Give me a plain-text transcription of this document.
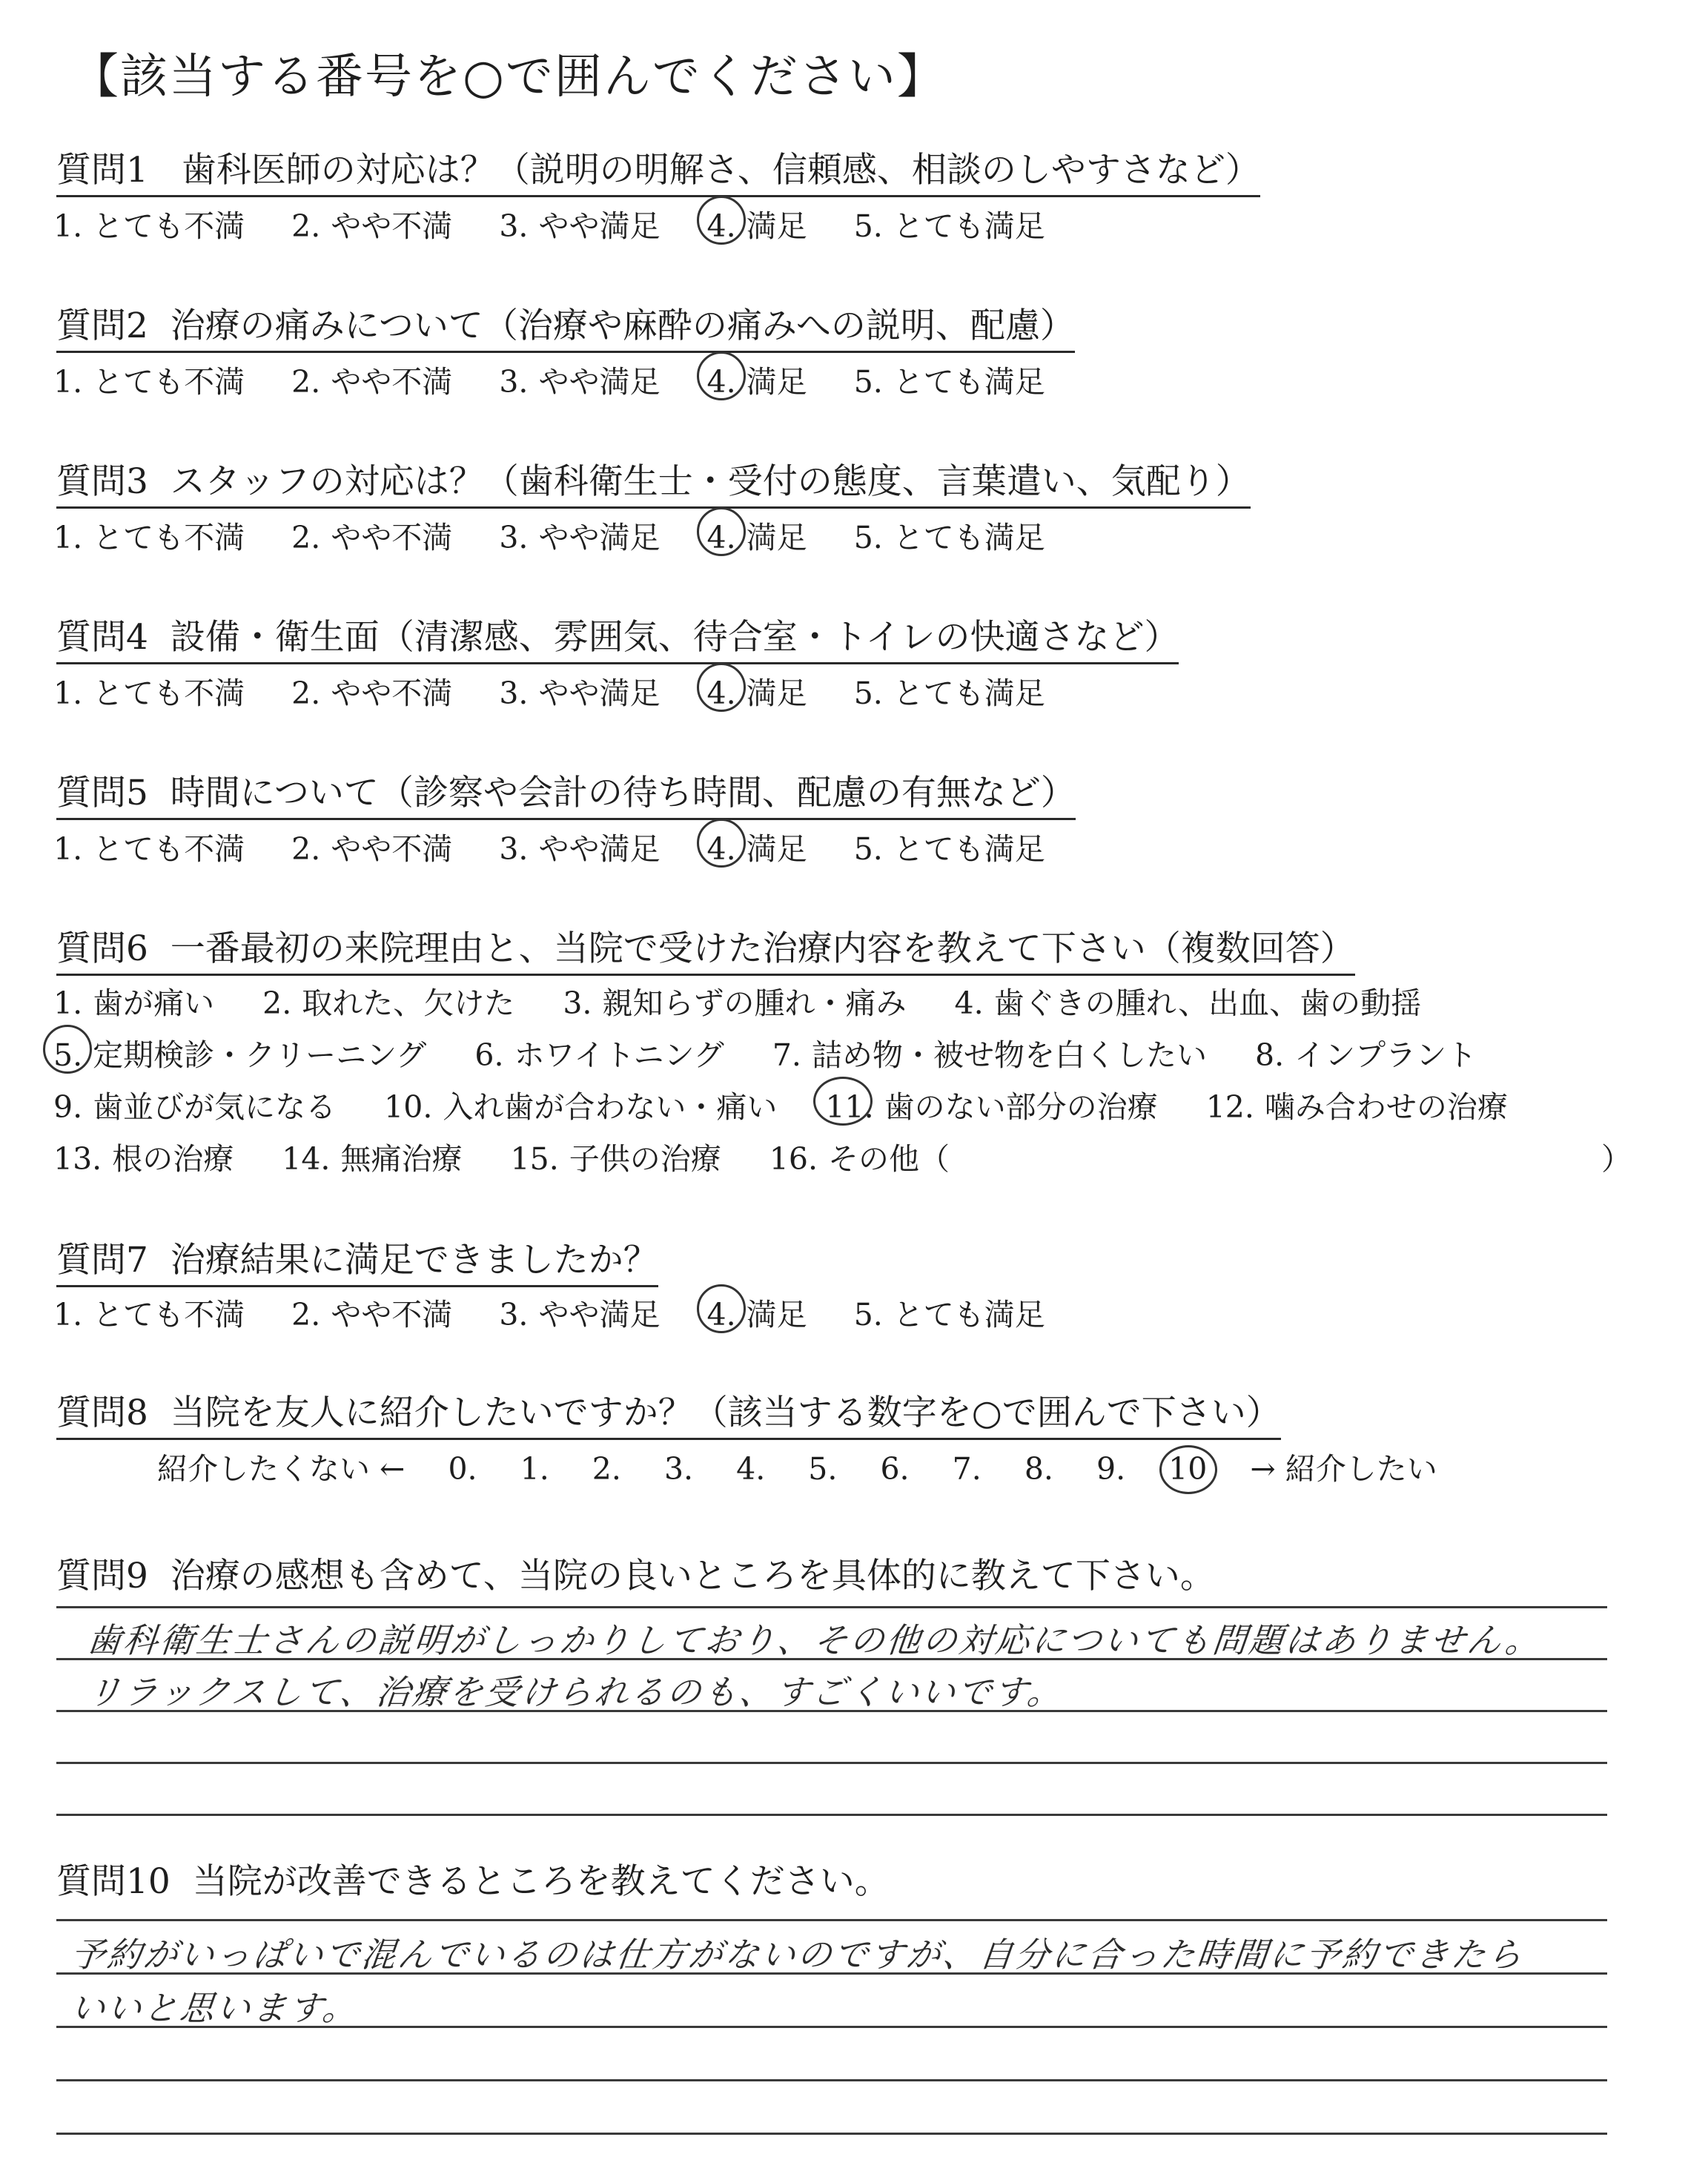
【該当する番号を○で囲んでください】
質問1 歯科医師の対応は？（説明の明解さ、信頼感、相談のしやすさなど）
1. とても不満 2. やや不満 3. やや満足 4. 満足 5. とても満足
質問2 治療の痛みについて（治療や麻酔の痛みへの説明、配慮）
1. とても不満 2. やや不満 3. やや満足 4. 満足 5. とても満足
質問3 スタッフの対応は？（歯科衛生士・受付の態度、言葉遣い、気配り）
1. とても不満 2. やや不満 3. やや満足 4. 満足 5. とても満足
質問4 設備・衛生面（清潔感、雰囲気、待合室・トイレの快適さなど）
1. とても不満 2. やや不満 3. やや満足 4. 満足 5. とても満足
質問5 時間について（診察や会計の待ち時間、配慮の有無など）
1. とても不満 2. やや不満 3. やや満足 4. 満足 5. とても満足
質問6 一番最初の来院理由と、当院で受けた治療内容を教えて下さい（複数回答）
1. 歯が痛い 2. 取れた、欠けた 3. 親知らずの腫れ・痛み 4. 歯ぐきの腫れ、出血、歯の動揺
5. 定期検診・クリーニング 6. ホワイトニング 7. 詰め物・被せ物を白くしたい 8. インプラント
9. 歯並びが気になる 10. 入れ歯が合わない・痛い 11. 歯のない部分の治療 12. 噛み合わせの治療
13. 根の治療 14. 無痛治療 15. 子供の治療 16. その他（	）
質問7 治療結果に満足できましたか？
1. とても不満 2. やや不満 3. やや満足 4. 満足 5. とても満足
質問8 当院を友人に紹介したいですか？（該当する数字を○で囲んで下さい）
紹介したくない ← 0. 1. 2. 3. 4. 5. 6. 7. 8. 9. 10 → 紹介したい
質問9 治療の感想も含めて、当院の良いところを具体的に教えて下さい。
歯科衛生士さんの説明がしっかりしており、その他の対応についても問題はありません。
リラックスして、治療を受けられるのも、すごくいいです。
質問10 当院が改善できるところを教えてください。
予約がいっぱいで混んでいるのは仕方がないのですが、自分に合った時間に予約できたら
いいと思います。
